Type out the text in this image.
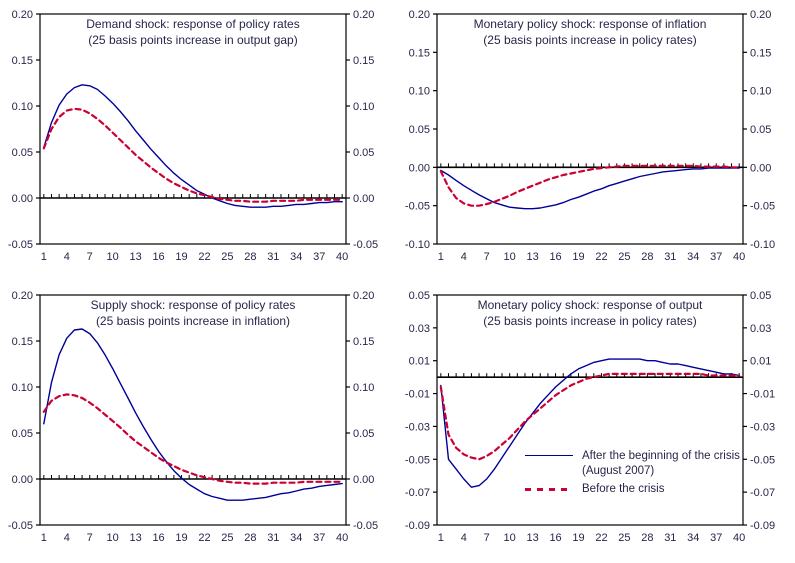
0.20	0.20
0.15	0.15
0.10	0.10
0.05	0.05
0.00	0.00
-0.05	-0.05
1 4 7 10 13 16 19 22 25 28 31 34 37 40
Demand shock: response of policy rates
(25 basis points increase in output gap)
0.20	0.20
0.15	0.15
0.10	0.10
0.05	0.05
0.00	0.00
-0.05	-0.05
-0.10	-0.10
1 4 7 10 13 16 19 22 25 28 31 34 37 40
Monetary policy shock: response of inflation
(25 basis points increase in policy rates)
0.20	0.20
0.15	0.15
0.10	0.10
0.05	0.05
0.00	0.00
-0.05	-0.05
1 4 7 10 13 16 19 22 25 28 31 34 37 40
Supply shock: response of policy rates
(25 basis points increase in inflation)
0.05	0.05
0.03	0.03
0.01	0.01
-0.01	-0.01
-0.03	-0.03
-0.05	-0.05
-0.07	-0.07
-0.09	-0.09
1 4 7 10 13 16 19 22 25 28 31 34 37 40
Monetary policy shock: response of output
(25 basis points increase in policy rates)
After the beginning of the crisis (August 2007)
Before the crisis
